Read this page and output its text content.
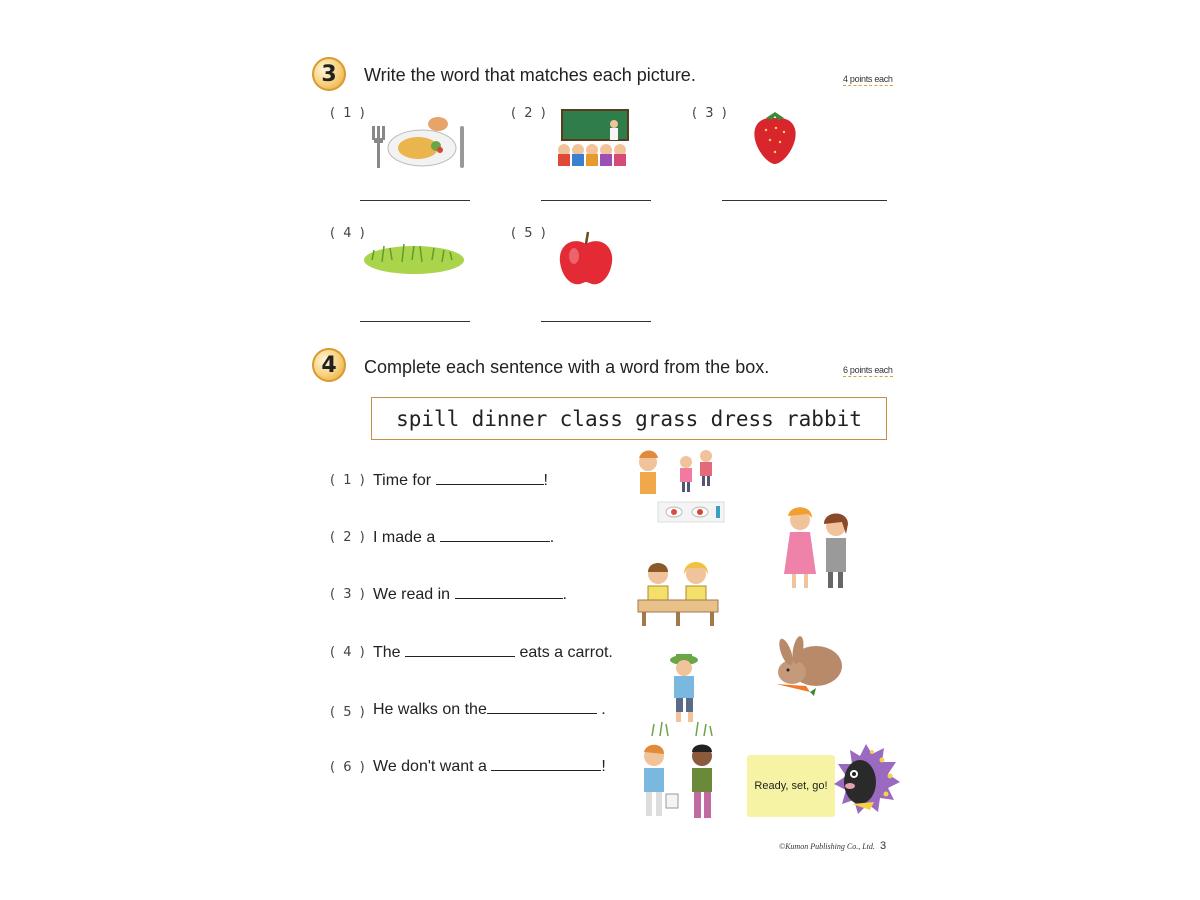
3	Write the word that matches each picture.	4 points each
( 1 )	( 2 )	( 3 )
( 4 )	( 5 )
4	Complete each sentence with a word from the box.	6 points each
spill dinner class grass dress rabbit
( 1 ) Time for	!
( 2 ) I made a	.
( 3 ) We read in	.
( 4 ) The	eats a carrot.
( 5 ) He walks on the	.
( 6 ) We don't want a	!
Ready, set, go!
©Kumon Publishing Co., Ltd. 3
